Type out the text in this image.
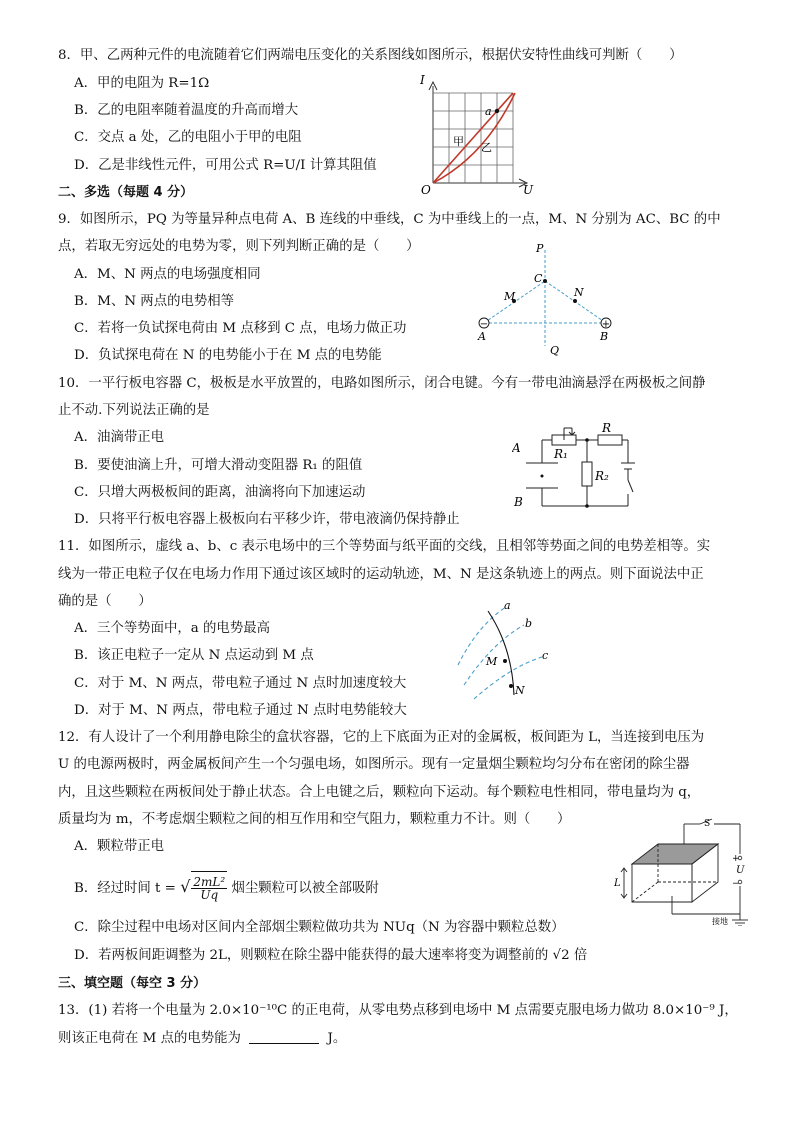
8．甲、乙两种元件的电流随着它们两端电压变化的关系图线如图所示，根据伏安特性曲线可判断（　　）
A．甲的电阻为 R=1Ω
B．乙的电阻率随着温度的升高而增大
C．交点 a 处，乙的电阻小于甲的电阻
D．乙是非线性元件，可用公式 R=U/I 计算其阻值
I
U
O
a
甲 乙
二、多选（每题 4 分）
9．如图所示，PQ 为等量异种点电荷 A、B 连线的中垂线，C 为中垂线上的一点，M、N 分别为 AC、BC 的中
点，若取无穷远处的电势为零，则下列判断正确的是（　　）
A．M、N 两点的电场强度相同
B．M、N 两点的电势相等
C．若将一负试探电荷由 M 点移到 C 点，电场力做正功
D．负试探电荷在 N 的电势能小于在 M 点的电势能
−	+
P
Q
C
M	N
A	B
10．一平行板电容器 C，极板是水平放置的，电路如图所示，闭合电键。今有一带电油滴悬浮在两极板之间静
止不动.下列说法正确的是
A．油滴带正电
B．要使油滴上升，可增大滑动变阻器 R₁ 的阻值
C．只增大两极板间的距离，油滴将向下加速运动
D．只将平行板电容器上极板向右平移少许，带电液滴仍保持静止
A
B
R
R₁
R₂
11．如图所示，虚线 a、b、c 表示电场中的三个等势面与纸平面的交线，且相邻等势面之间的电势差相等。实
线为一带正电粒子仅在电场力作用下通过该区域时的运动轨迹，M、N 是这条轨迹上的两点。则下面说法中正
确的是（　　）
A．三个等势面中，a 的电势最高
B．该正电粒子一定从 N 点运动到 M 点
C．对于 M、N 两点，带电粒子通过 N 点时加速度较大
D．对于 M、N 两点，带电粒子通过 N 点时电势能较大
a
b
c
M
N
12．有人设计了一个利用静电除尘的盒状容器，它的上下底面为正对的金属板，板间距为 L，当连接到电压为
U 的电源两极时，两金属板间产生一个匀强电场，如图所示。现有一定量烟尘颗粒均匀分布在密闭的除尘器
内，且这些颗粒在两板间处于静止状态。合上电键之后，颗粒向下运动。每个颗粒电性相同，带电量均为 q，
质量均为 m，不考虑烟尘颗粒之间的相互作用和空气阻力，颗粒重力不计。则（　　）
A．颗粒带正电
B．经过时间 t = √ $\frac{\text{2mL²}}{Uq}$ 烟尘颗粒可以被全部吸附
C．除尘过程中电场对区间内全部烟尘颗粒做功共为 NUq（N 为容器中颗粒总数）
D．若两板间距调整为 2L，则颗粒在除尘器中能获得的最大速率将变为调整前的 √2 倍
S
L
U
+
−
接地
三、填空题（每空 3 分）
13．(1) 若将一个电量为 2.0×10⁻¹⁰C 的正电荷，从零电势点移到电场中 M 点需要克服电场力做功 8.0×10⁻⁹ J，
则该正电荷在 M 点的电势能为	J。
